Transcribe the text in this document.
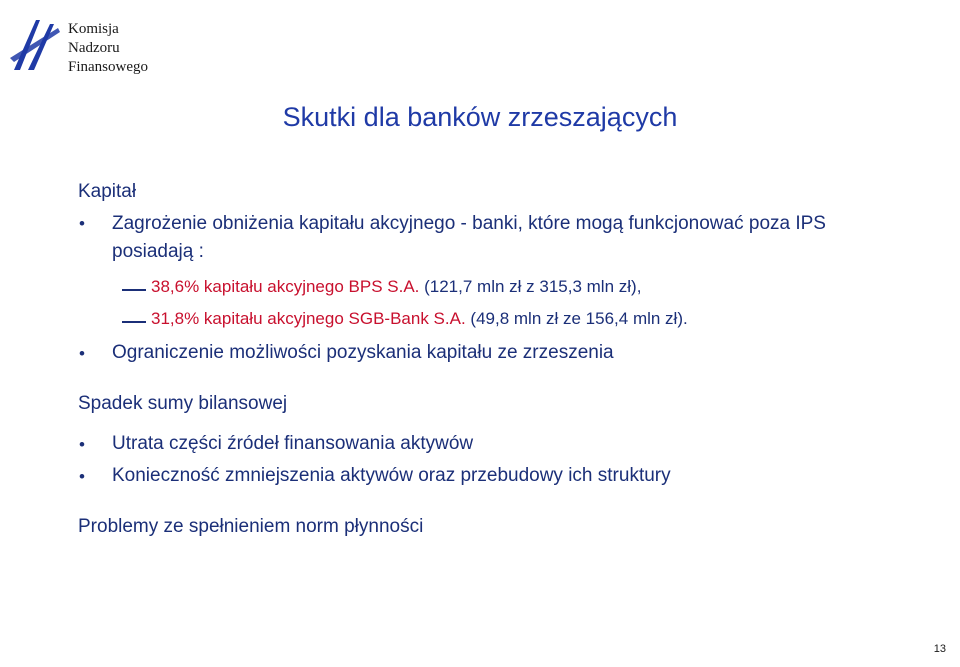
Komisja
Nadzoru
Finansowego
Skutki dla banków zrzeszających
Kapitał
• Zagrożenie obniżenia kapitału akcyjnego - banki, które mogą funkcjonować poza IPS
posiadają :
38,6% kapitału akcyjnego BPS S.A. (121,7 mln zł z 315,3 mln zł),
31,8% kapitału akcyjnego SGB-Bank S.A. (49,8 mln zł ze 156,4 mln zł).
• Ograniczenie możliwości pozyskania kapitału ze zrzeszenia
Spadek sumy bilansowej
• Utrata części źródeł finansowania aktywów
• Konieczność zmniejszenia aktywów oraz przebudowy ich struktury
Problemy ze spełnieniem norm płynności
13
